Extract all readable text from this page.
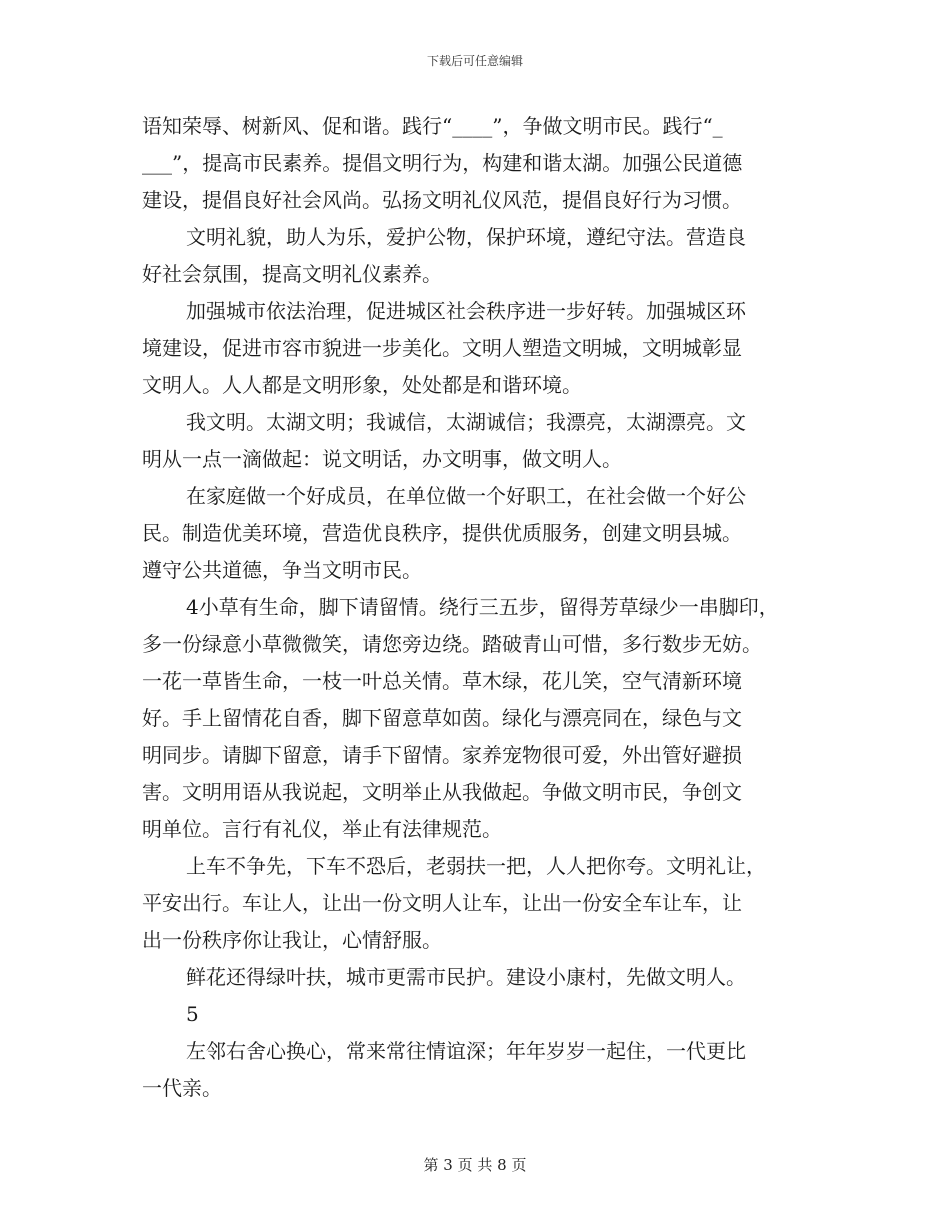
下载后可任意编辑
语知荣辱、树新风、促和谐。践行“____”，争做文明市民。践行“_
___”，提高市民素养。提倡文明行为，构建和谐太湖。加强公民道德
建设，提倡良好社会风尚。弘扬文明礼仪风范，提倡良好行为习惯。
文明礼貌，助人为乐，爱护公物，保护环境，遵纪守法。营造良
好社会氛围，提高文明礼仪素养。
加强城市依法治理，促进城区社会秩序进一步好转。加强城区环
境建设，促进市容市貌进一步美化。文明人塑造文明城，文明城彰显
文明人。人人都是文明形象，处处都是和谐环境。
我文明。太湖文明；我诚信，太湖诚信；我漂亮，太湖漂亮。文
明从一点一滴做起：说文明话，办文明事，做文明人。
在家庭做一个好成员，在单位做一个好职工，在社会做一个好公
民。制造优美环境，营造优良秩序，提供优质服务，创建文明县城。
遵守公共道德，争当文明市民。
4小草有生命，脚下请留情。绕行三五步，留得芳草绿少一串脚印，
多一份绿意小草微微笑，请您旁边绕。踏破青山可惜，多行数步无妨。
一花一草皆生命，一枝一叶总关情。草木绿，花儿笑，空气清新环境
好。手上留情花自香，脚下留意草如茵。绿化与漂亮同在，绿色与文
明同步。请脚下留意，请手下留情。家养宠物很可爱，外出管好避损
害。文明用语从我说起，文明举止从我做起。争做文明市民，争创文
明单位。言行有礼仪，举止有法律规范。
上车不争先，下车不恐后，老弱扶一把，人人把你夸。文明礼让，
平安出行。车让人，让出一份文明人让车，让出一份安全车让车，让
出一份秩序你让我让，心情舒服。
鲜花还得绿叶扶，城市更需市民护。建设小康村，先做文明人。
5
左邻右舍心换心，常来常往情谊深；年年岁岁一起住，一代更比
一代亲。
第 3 页 共 8 页
